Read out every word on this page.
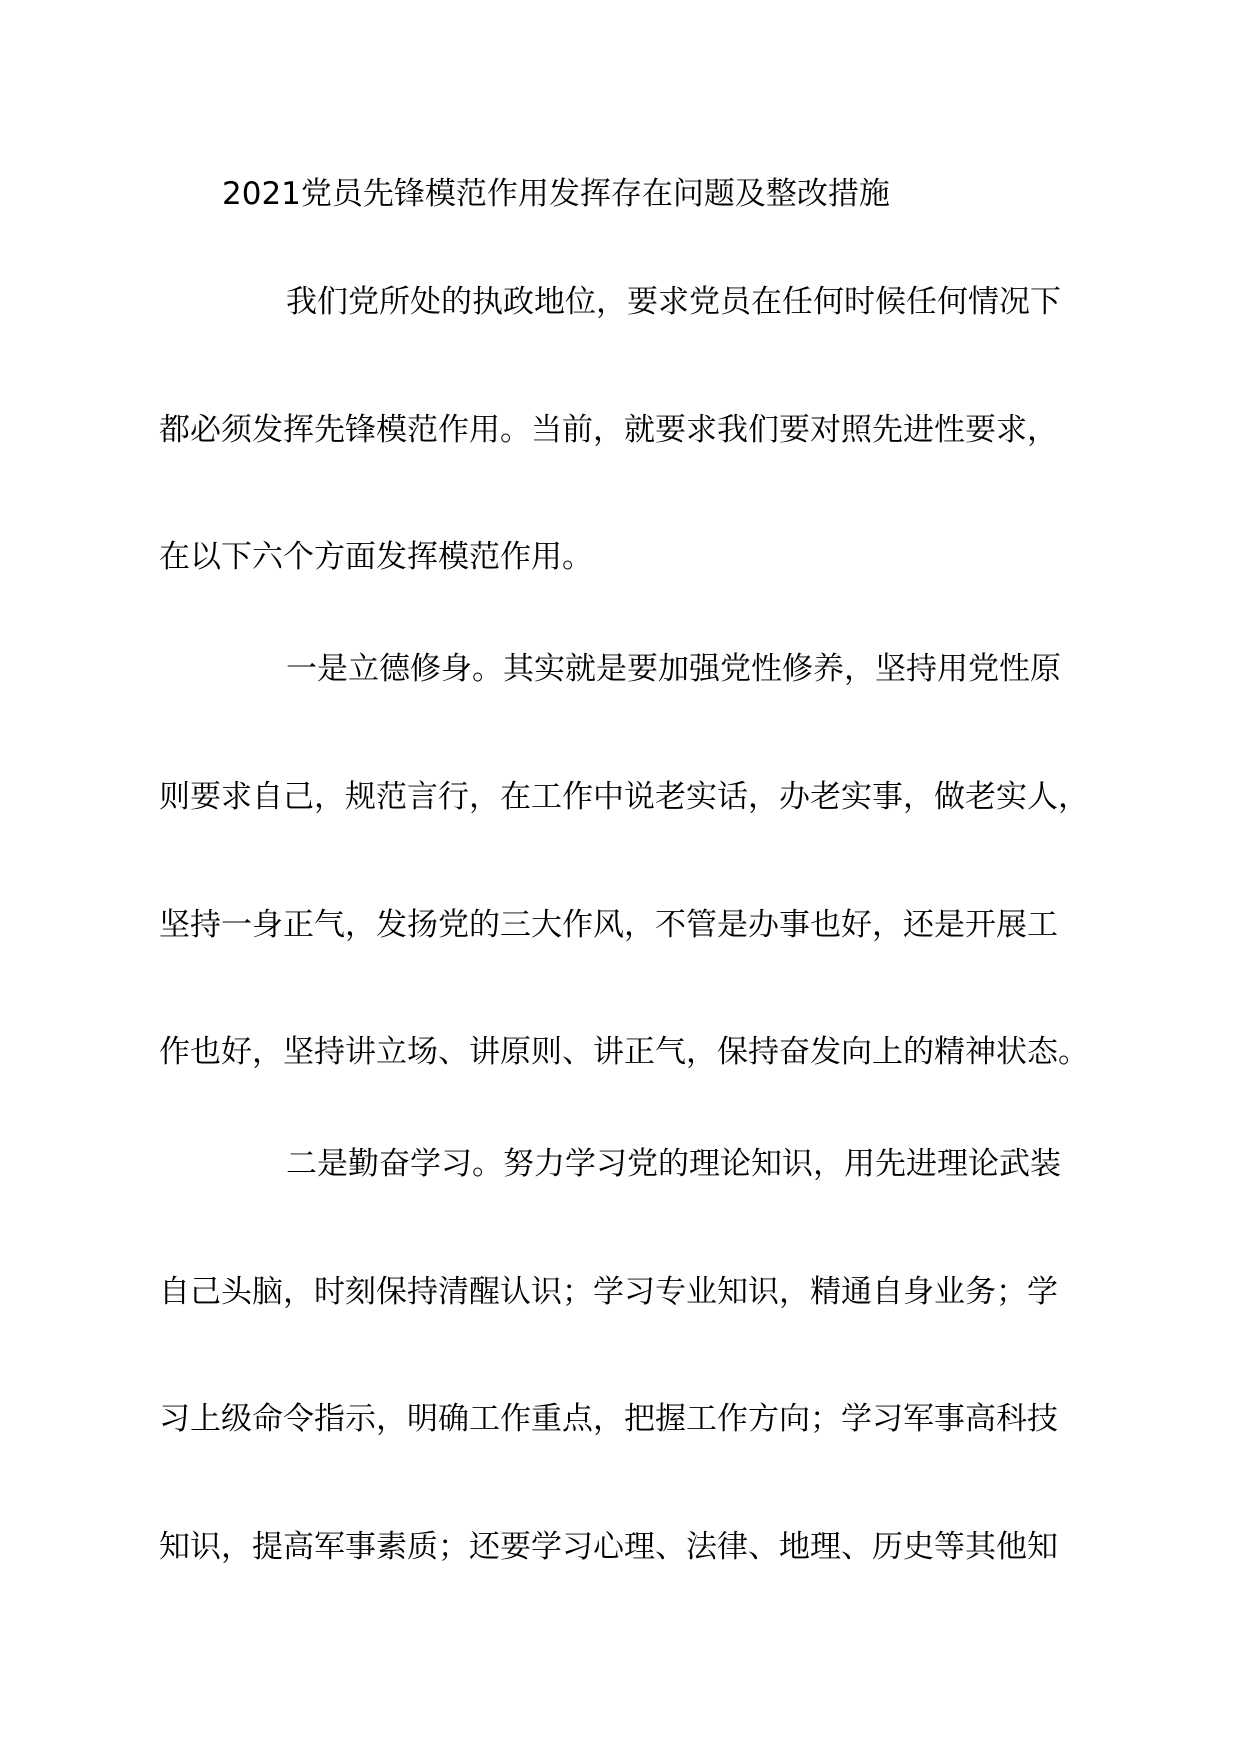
2021党员先锋模范作用发挥存在问题及整改措施
我们党所处的执政地位，要求党员在任何时候任何情况下
都必须发挥先锋模范作用。当前，就要求我们要对照先进性要求，
在以下六个方面发挥模范作用。
一是立德修身。其实就是要加强党性修养，坚持用党性原
则要求自己，规范言行，在工作中说老实话，办老实事，做老实人，
坚持一身正气，发扬党的三大作风，不管是办事也好，还是开展工
作也好，坚持讲立场、讲原则、讲正气，保持奋发向上的精神状态。
二是勤奋学习。努力学习党的理论知识，用先进理论武装
自己头脑，时刻保持清醒认识；学习专业知识，精通自身业务；学
习上级命令指示，明确工作重点，把握工作方向；学习军事高科技
知识，提高军事素质；还要学习心理、法律、地理、历史等其他知
